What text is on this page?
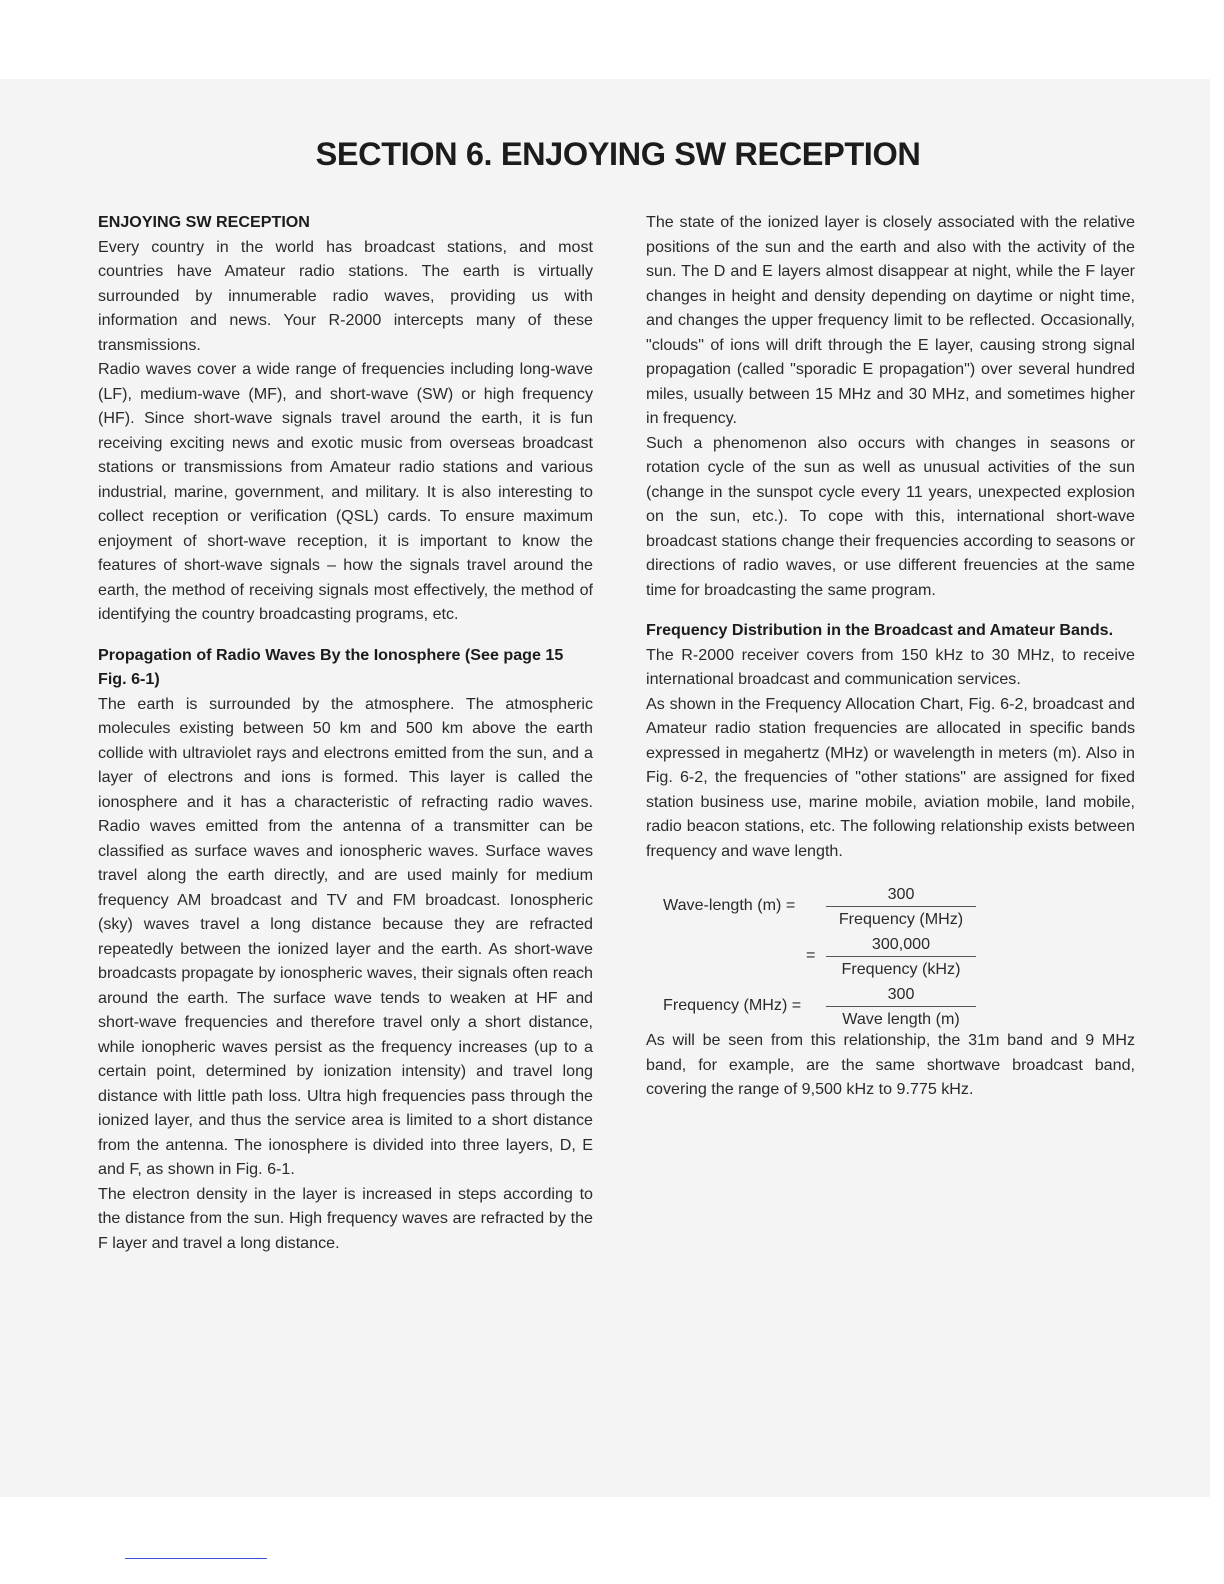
SECTION 6. ENJOYING SW RECEPTION
ENJOYING SW RECEPTION

Every country in the world has broadcast stations, and most countries have Amateur radio stations. The earth is virtually surrounded by innumerable radio waves, providing us with information and news. Your R-2000 intercepts many of these transmissions.

Radio waves cover a wide range of frequencies including long-wave (LF), medium-wave (MF), and short-wave (SW) or high frequency (HF). Since short-wave signals travel around the earth, it is fun receiving exciting news and exotic music from overseas broadcast stations or transmissions from Amateur radio stations and various industrial, marine, government, and military. It is also interesting to collect reception or verification (QSL) cards. To ensure maximum enjoyment of short-wave reception, it is important to know the features of short-wave signals – how the signals travel around the earth, the method of receiving signals most effectively, the method of identifying the country broadcasting programs, etc.

Propagation of Radio Waves By the Ionosphere (See page 15 Fig. 6-1)

The earth is surrounded by the atmosphere. The atmospheric molecules existing between 50 km and 500 km above the earth collide with ultraviolet rays and electrons emitted from the sun, and a layer of electrons and ions is formed. This layer is called the ionosphere and it has a characteristic of refracting radio waves. Radio waves emitted from the antenna of a transmitter can be classified as surface waves and ionospheric waves. Surface waves travel along the earth directly, and are used mainly for medium frequency AM broadcast and TV and FM broadcast. Ionospheric (sky) waves travel a long distance because they are refracted repeatedly between the ionized layer and the earth. As short-wave broadcasts propagate by ionospheric waves, their signals often reach around the earth. The surface wave tends to weaken at HF and short-wave frequencies and therefore travel only a short distance, while ionopheric waves persist as the frequency increases (up to a certain point, determined by ionization intensity) and travel long distance with little path loss. Ultra high frequencies pass through the ionized layer, and thus the service area is limited to a short distance from the antenna. The ionosphere is divided into three layers, D, E and F, as shown in Fig. 6-1.

The electron density in the layer is increased in steps according to the distance from the sun. High frequency waves are refracted by the F layer and travel a long distance.

The state of the ionized layer is closely associated with the relative positions of the sun and the earth and also with the activity of the sun. The D and E layers almost disappear at night, while the F layer changes in height and density depending on daytime or night time, and changes the upper frequency limit to be reflected. Occasionally, "clouds" of ions will drift through the E layer, causing strong signal propagation (called "sporadic E propagation") over several hundred miles, usually between 15 MHz and 30 MHz, and sometimes higher in frequency.

Such a phenomenon also occurs with changes in seasons or rotation cycle of the sun as well as unusual activities of the sun (change in the sunspot cycle every 11 years, unexpected explosion on the sun, etc.). To cope with this, international short-wave broadcast stations change their frequencies according to seasons or directions of radio waves, or use different freuencies at the same time for broadcasting the same program.

Frequency Distribution in the Broadcast and Amateur Bands.

The R-2000 receiver covers from 150 kHz to 30 MHz, to receive international broadcast and communication services.

As shown in the Frequency Allocation Chart, Fig. 6-2, broadcast and Amateur radio station frequencies are allocated in specific bands expressed in megahertz (MHz) or wavelength in meters (m). Also in Fig. 6-2, the frequencies of "other stations" are assigned for fixed station business use, marine mobile, aviation mobile, land mobile, radio beacon stations, etc. The following relationship exists between frequency and wave length.

Wave-length (m) =
300
Frequency (MHz)
=
300,000
Frequency (kHz)
Frequency (MHz) =
300
Wave length (m)

As will be seen from this relationship, the 31m band and 9 MHz band, for example, are the same shortwave broadcast band, covering the range of 9,500 kHz to 9.775 kHz.
